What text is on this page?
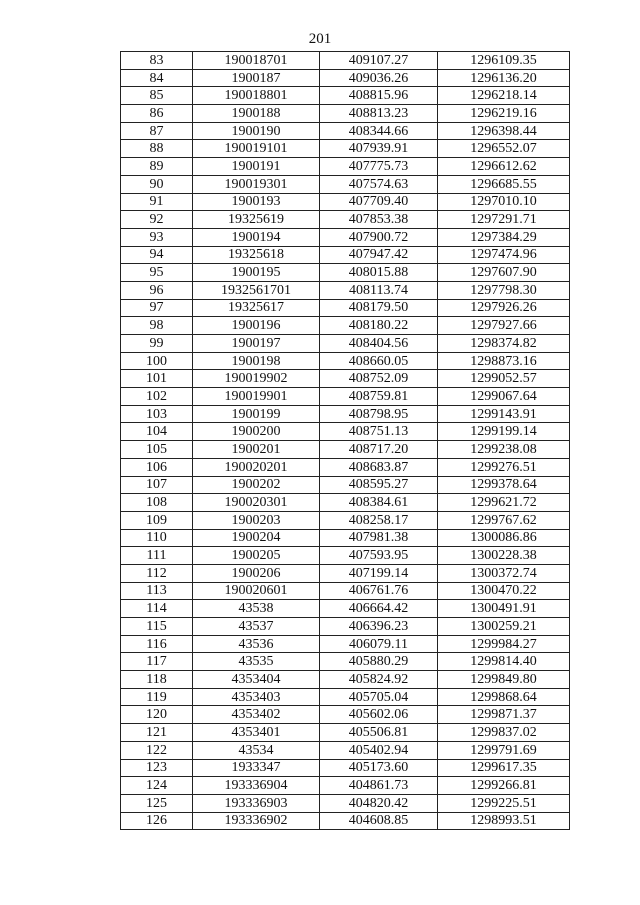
201
83	190018701	409107.27	1296109.35
84	1900187	409036.26	1296136.20
85	190018801	408815.96	1296218.14
86	1900188	408813.23	1296219.16
87	1900190	408344.66	1296398.44
88	190019101	407939.91	1296552.07
89	1900191	407775.73	1296612.62
90	190019301	407574.63	1296685.55
91	1900193	407709.40	1297010.10
92	19325619	407853.38	1297291.71
93	1900194	407900.72	1297384.29
94	19325618	407947.42	1297474.96
95	1900195	408015.88	1297607.90
96	1932561701	408113.74	1297798.30
97	19325617	408179.50	1297926.26
98	1900196	408180.22	1297927.66
99	1900197	408404.56	1298374.82
100	1900198	408660.05	1298873.16
101	190019902	408752.09	1299052.57
102	190019901	408759.81	1299067.64
103	1900199	408798.95	1299143.91
104	1900200	408751.13	1299199.14
105	1900201	408717.20	1299238.08
106	190020201	408683.87	1299276.51
107	1900202	408595.27	1299378.64
108	190020301	408384.61	1299621.72
109	1900203	408258.17	1299767.62
110	1900204	407981.38	1300086.86
111	1900205	407593.95	1300228.38
112	1900206	407199.14	1300372.74
113	190020601	406761.76	1300470.22
114	43538	406664.42	1300491.91
115	43537	406396.23	1300259.21
116	43536	406079.11	1299984.27
117	43535	405880.29	1299814.40
118	4353404	405824.92	1299849.80
119	4353403	405705.04	1299868.64
120	4353402	405602.06	1299871.37
121	4353401	405506.81	1299837.02
122	43534	405402.94	1299791.69
123	1933347	405173.60	1299617.35
124	193336904	404861.73	1299266.81
125	193336903	404820.42	1299225.51
126	193336902	404608.85	1298993.51
